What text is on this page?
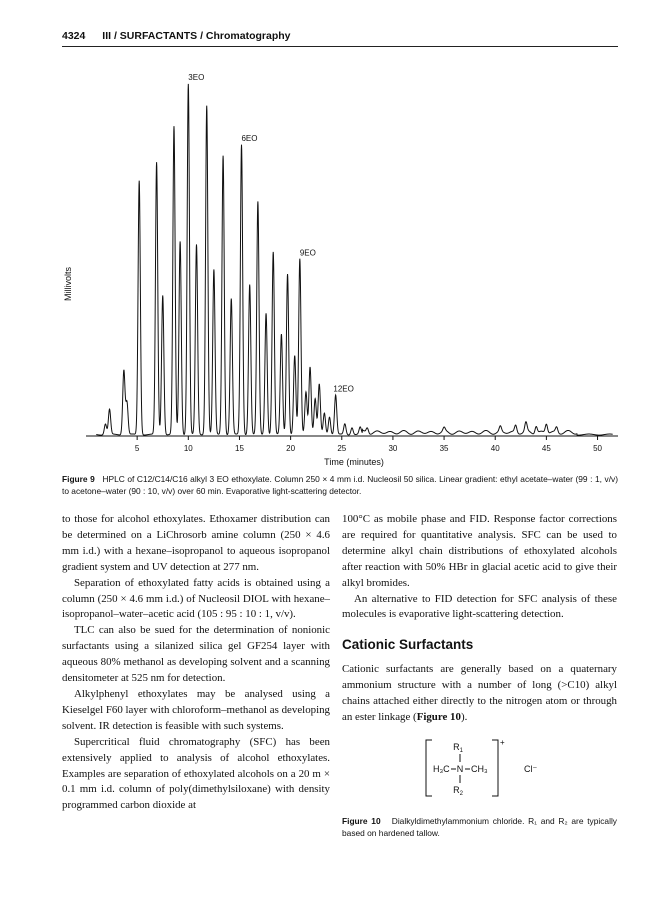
4324 III / SURFACTANTS / Chromatography
5	10	15	20	25	30	35	40	45	50
3EO
6EO
9EO
12EO
Time (minutes)
Millivolts
Figure 9 HPLC of C12/C14/C16 alkyl 3 EO ethoxylate. Column 250 × 4 mm i.d. Nucleosil 50 silica. Linear gradient: ethyl acetate–water (99 : 1, v/v) to acetone–water (90 : 10, v/v) over 60 min. Evaporative light-scattering detector.

to those for alcohol ethoxylates. Ethoxamer distribution can be determined on a LiChrosorb amine column (250 × 4.6 mm i.d.) with a hexane–isopropanol to aqueous isopropanol gradient system and UV detection at 277 nm.

Separation of ethoxylated fatty acids is obtained using a column (250 × 4.6 mm i.d.) of Nucleosil DIOL with hexane–isopropanol–water–acetic acid (105 : 95 : 10 : 1, v/v).

TLC can also be sued for the determination of nonionic surfactants using a silanized silica gel GF254 layer with aqueous 80% methanol as developing solvent and a scanning densitometer at 525 nm for detection.

Alkylphenyl ethoxylates may be analysed using a Kieselgel F60 layer with chloroform–methanol as developing solvent. IR detection is feasible with such systems.

Supercritical fluid chromatography (SFC) has been extensively applied to analysis of alcohol ethoxylates. Examples are separation of ethoxylated alcohols on a 20 m × 0.1 mm i.d. column of poly(dimethylsiloxane) with density programmed carbon dioxide at

100°C as mobile phase and FID. Response factor corrections are required for quantitative analysis. SFC can be used to determine alkyl chain distributions of ethoxylated alcohols after reaction with 50% HBr in glacial acetic acid to give their alkyl bromides.

An alternative to FID detection for SFC analysis of these molecules is evaporative light-scattering detection.

Cationic Surfactants

Cationic surfactants are generally based on a quaternary ammonium structure with a number of long (>C10) alkyl chains attached either directly to the nitrogen atom or through an ester linkage (Figure 10).

+
$R_1$
H₃C N CH₃
$R_2$
Cl⁻
Figure 10 Dialkyldimethylammonium chloride. R₁ and R₂ are typically based on hardened tallow.
